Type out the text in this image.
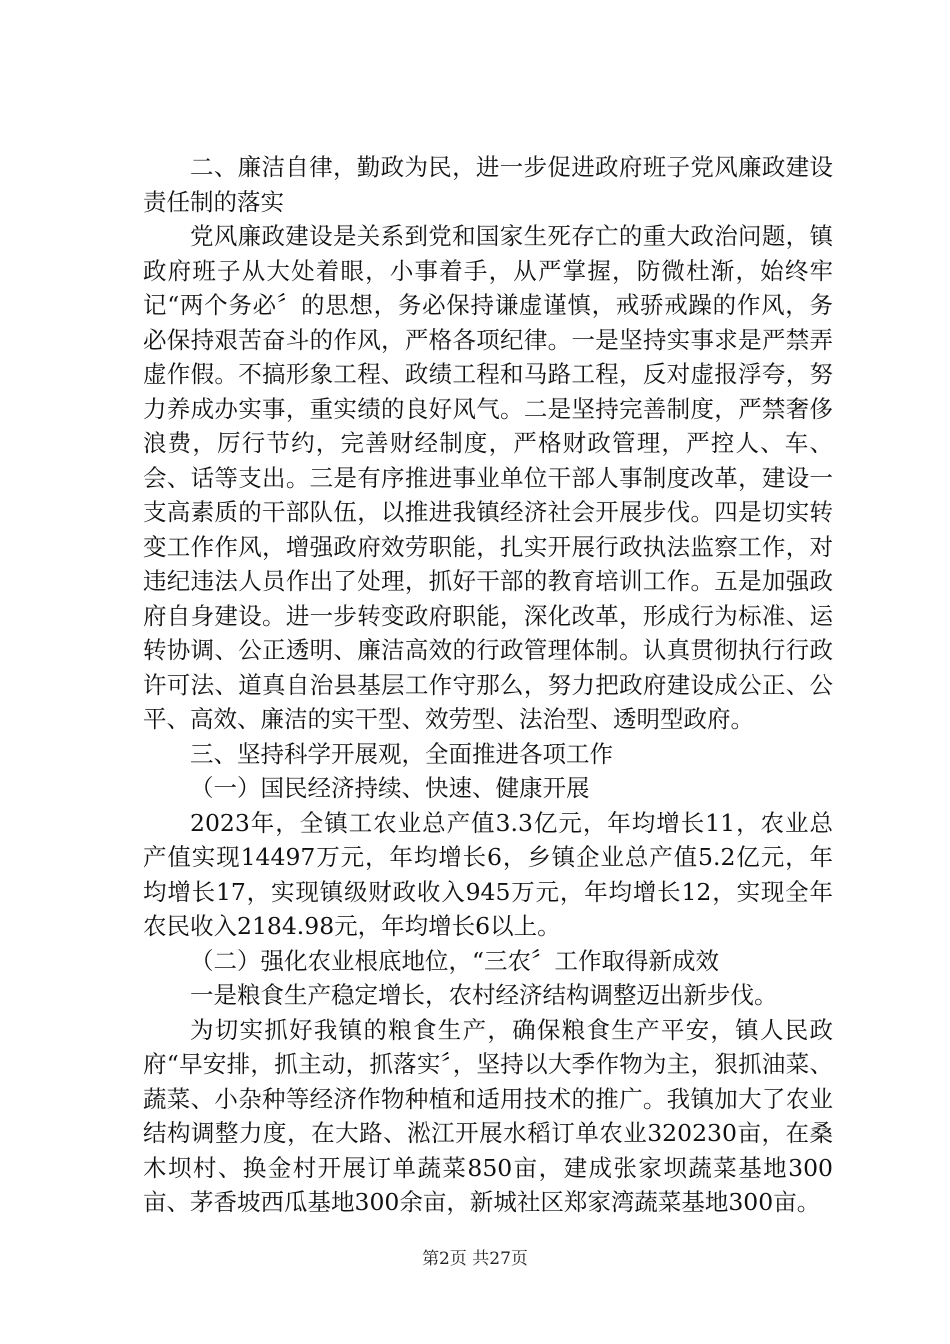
二、廉洁自律，勤政为民，进一步促进政府班子党风廉政建设责任制的落实

党风廉政建设是关系到党和国家生死存亡的重大政治问题，镇政府班子从大处着眼，小事着手，从严掌握，防微杜渐，始终牢记“两个务必〞的思想，务必保持谦虚谨慎，戒骄戒躁的作风，务必保持艰苦奋斗的作风，严格各项纪律。一是坚持实事求是严禁弄虚作假。不搞形象工程、政绩工程和马路工程，反对虚报浮夸，努力养成办实事，重实绩的良好风气。二是坚持完善制度，严禁奢侈浪费，厉行节约，完善财经制度，严格财政管理，严控人、车、会、话等支出。三是有序推进事业单位干部人事制度改革，建设一支高素质的干部队伍，以推进我镇经济社会开展步伐。四是切实转变工作作风，增强政府效劳职能，扎实开展行政执法监察工作，对违纪违法人员作出了处理，抓好干部的教育培训工作。五是加强政府自身建设。进一步转变政府职能，深化改革，形成行为标准、运转协调、公正透明、廉洁高效的行政管理体制。认真贯彻执行行政许可法、道真自治县基层工作守那么，努力把政府建设成公正、公平、高效、廉洁的实干型、效劳型、法治型、透明型政府。

三、坚持科学开展观，全面推进各项工作

（一）国民经济持续、快速、健康开展

2023年，全镇工农业总产值3.3亿元，年均增长11，农业总产值实现14497万元，年均增长6，乡镇企业总产值5.2亿元，年均增长17，实现镇级财政收入945万元，年均增长12，实现全年农民收入2184.98元，年均增长6以上。

（二）强化农业根底地位，“三农〞工作取得新成效

一是粮食生产稳定增长，农村经济结构调整迈出新步伐。

为切实抓好我镇的粮食生产，确保粮食生产平安，镇人民政府“早安排，抓主动，抓落实〞，坚持以大季作物为主，狠抓油菜、蔬菜、小杂种等经济作物种植和适用技术的推广。我镇加大了农业结构调整力度，在大路、淞江开展水稻订单农业320230亩，在桑木坝村、换金村开展订单蔬菜850亩，建成张家坝蔬菜基地300亩、茅香坡西瓜基地300余亩，新城社区郑家湾蔬菜基地300亩。

第2页 共27页
